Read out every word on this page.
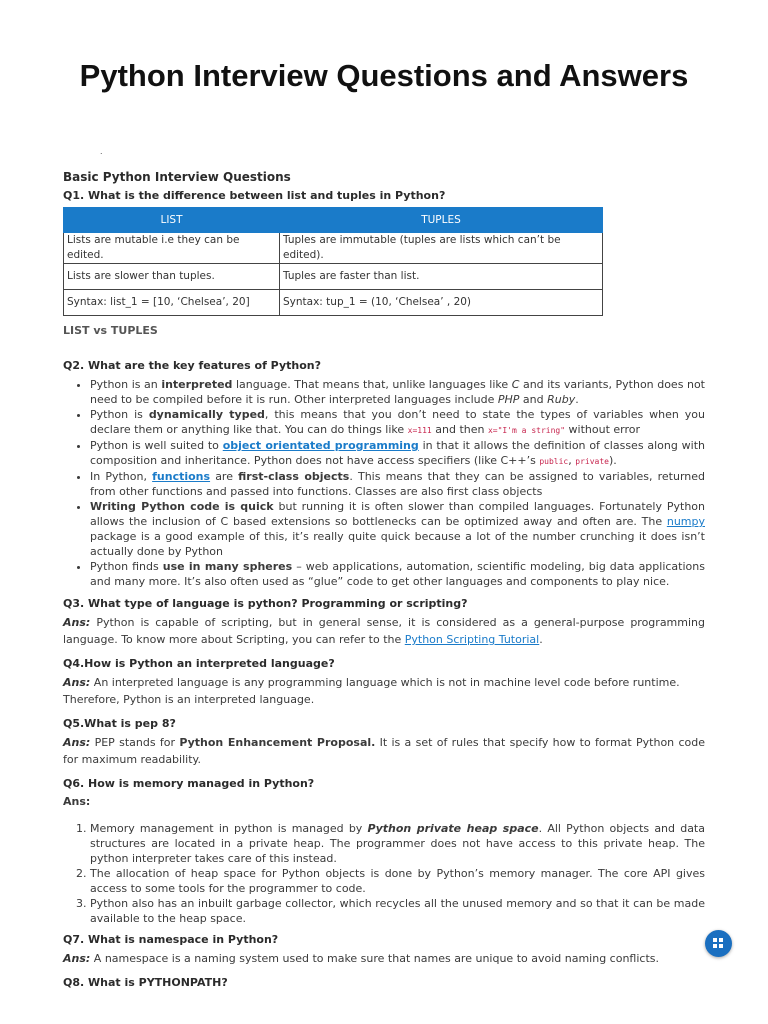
Python Interview Questions and Answers
.
Basic Python Interview Questions

Q1. What is the difference between list and tuples in Python?

LIST	TUPLES
Lists are mutable i.e they can be edited.	Tuples are immutable (tuples are lists which can’t be edited).
Lists are slower than tuples.	Tuples are faster than list.
Syntax: list_1 = [10, ‘Chelsea’, 20]	Syntax: tup_1 = (10, ‘Chelsea’ , 20)
LIST vs TUPLES

Q2. What are the key features of Python?

• Python is an interpreted language. That means that, unlike languages like C and its variants, Python does not need to be compiled before it is run. Other interpreted languages include PHP and Ruby.
• Python is dynamically typed, this means that you don’t need to state the types of variables when you declare them or anything like that. You can do things like x=111 and then x="I'm a string" without error
• Python is well suited to object orientated programming in that it allows the definition of classes along with composition and inheritance. Python does not have access specifiers (like C++’s public, private).
• In Python, functions are first-class objects. This means that they can be assigned to variables, returned from other functions and passed into functions. Classes are also first class objects
• Writing Python code is quick but running it is often slower than compiled languages. Fortunately Python allows the inclusion of C based extensions so bottlenecks can be optimized away and often are. The numpy package is a good example of this, it’s really quite quick because a lot of the number crunching it does isn’t actually done by Python
• Python finds use in many spheres – web applications, automation, scientific modeling, big data applications and many more. It’s also often used as “glue” code to get other languages and components to play nice.

Q3. What type of language is python? Programming or scripting?

Ans: Python is capable of scripting, but in general sense, it is considered as a general-purpose programming language. To know more about Scripting, you can refer to the Python Scripting Tutorial.

Q4.How is Python an interpreted language?

Ans: An interpreted language is any programming language which is not in machine level code before runtime. Therefore, Python is an interpreted language.

Q5.What is pep 8?

Ans: PEP stands for Python Enhancement Proposal. It is a set of rules that specify how to format Python code for maximum readability.

Q6. How is memory managed in Python?

Ans:

1. Memory management in python is managed by Python private heap space. All Python objects and data structures are located in a private heap. The programmer does not have access to this private heap. The python interpreter takes care of this instead.
2. The allocation of heap space for Python objects is done by Python’s memory manager. The core API gives access to some tools for the programmer to code.
3. Python also has an inbuilt garbage collector, which recycles all the unused memory and so that it can be made available to the heap space.

Q7. What is namespace in Python?

Ans: A namespace is a naming system used to make sure that names are unique to avoid naming conflicts.

Q8. What is PYTHONPATH?
